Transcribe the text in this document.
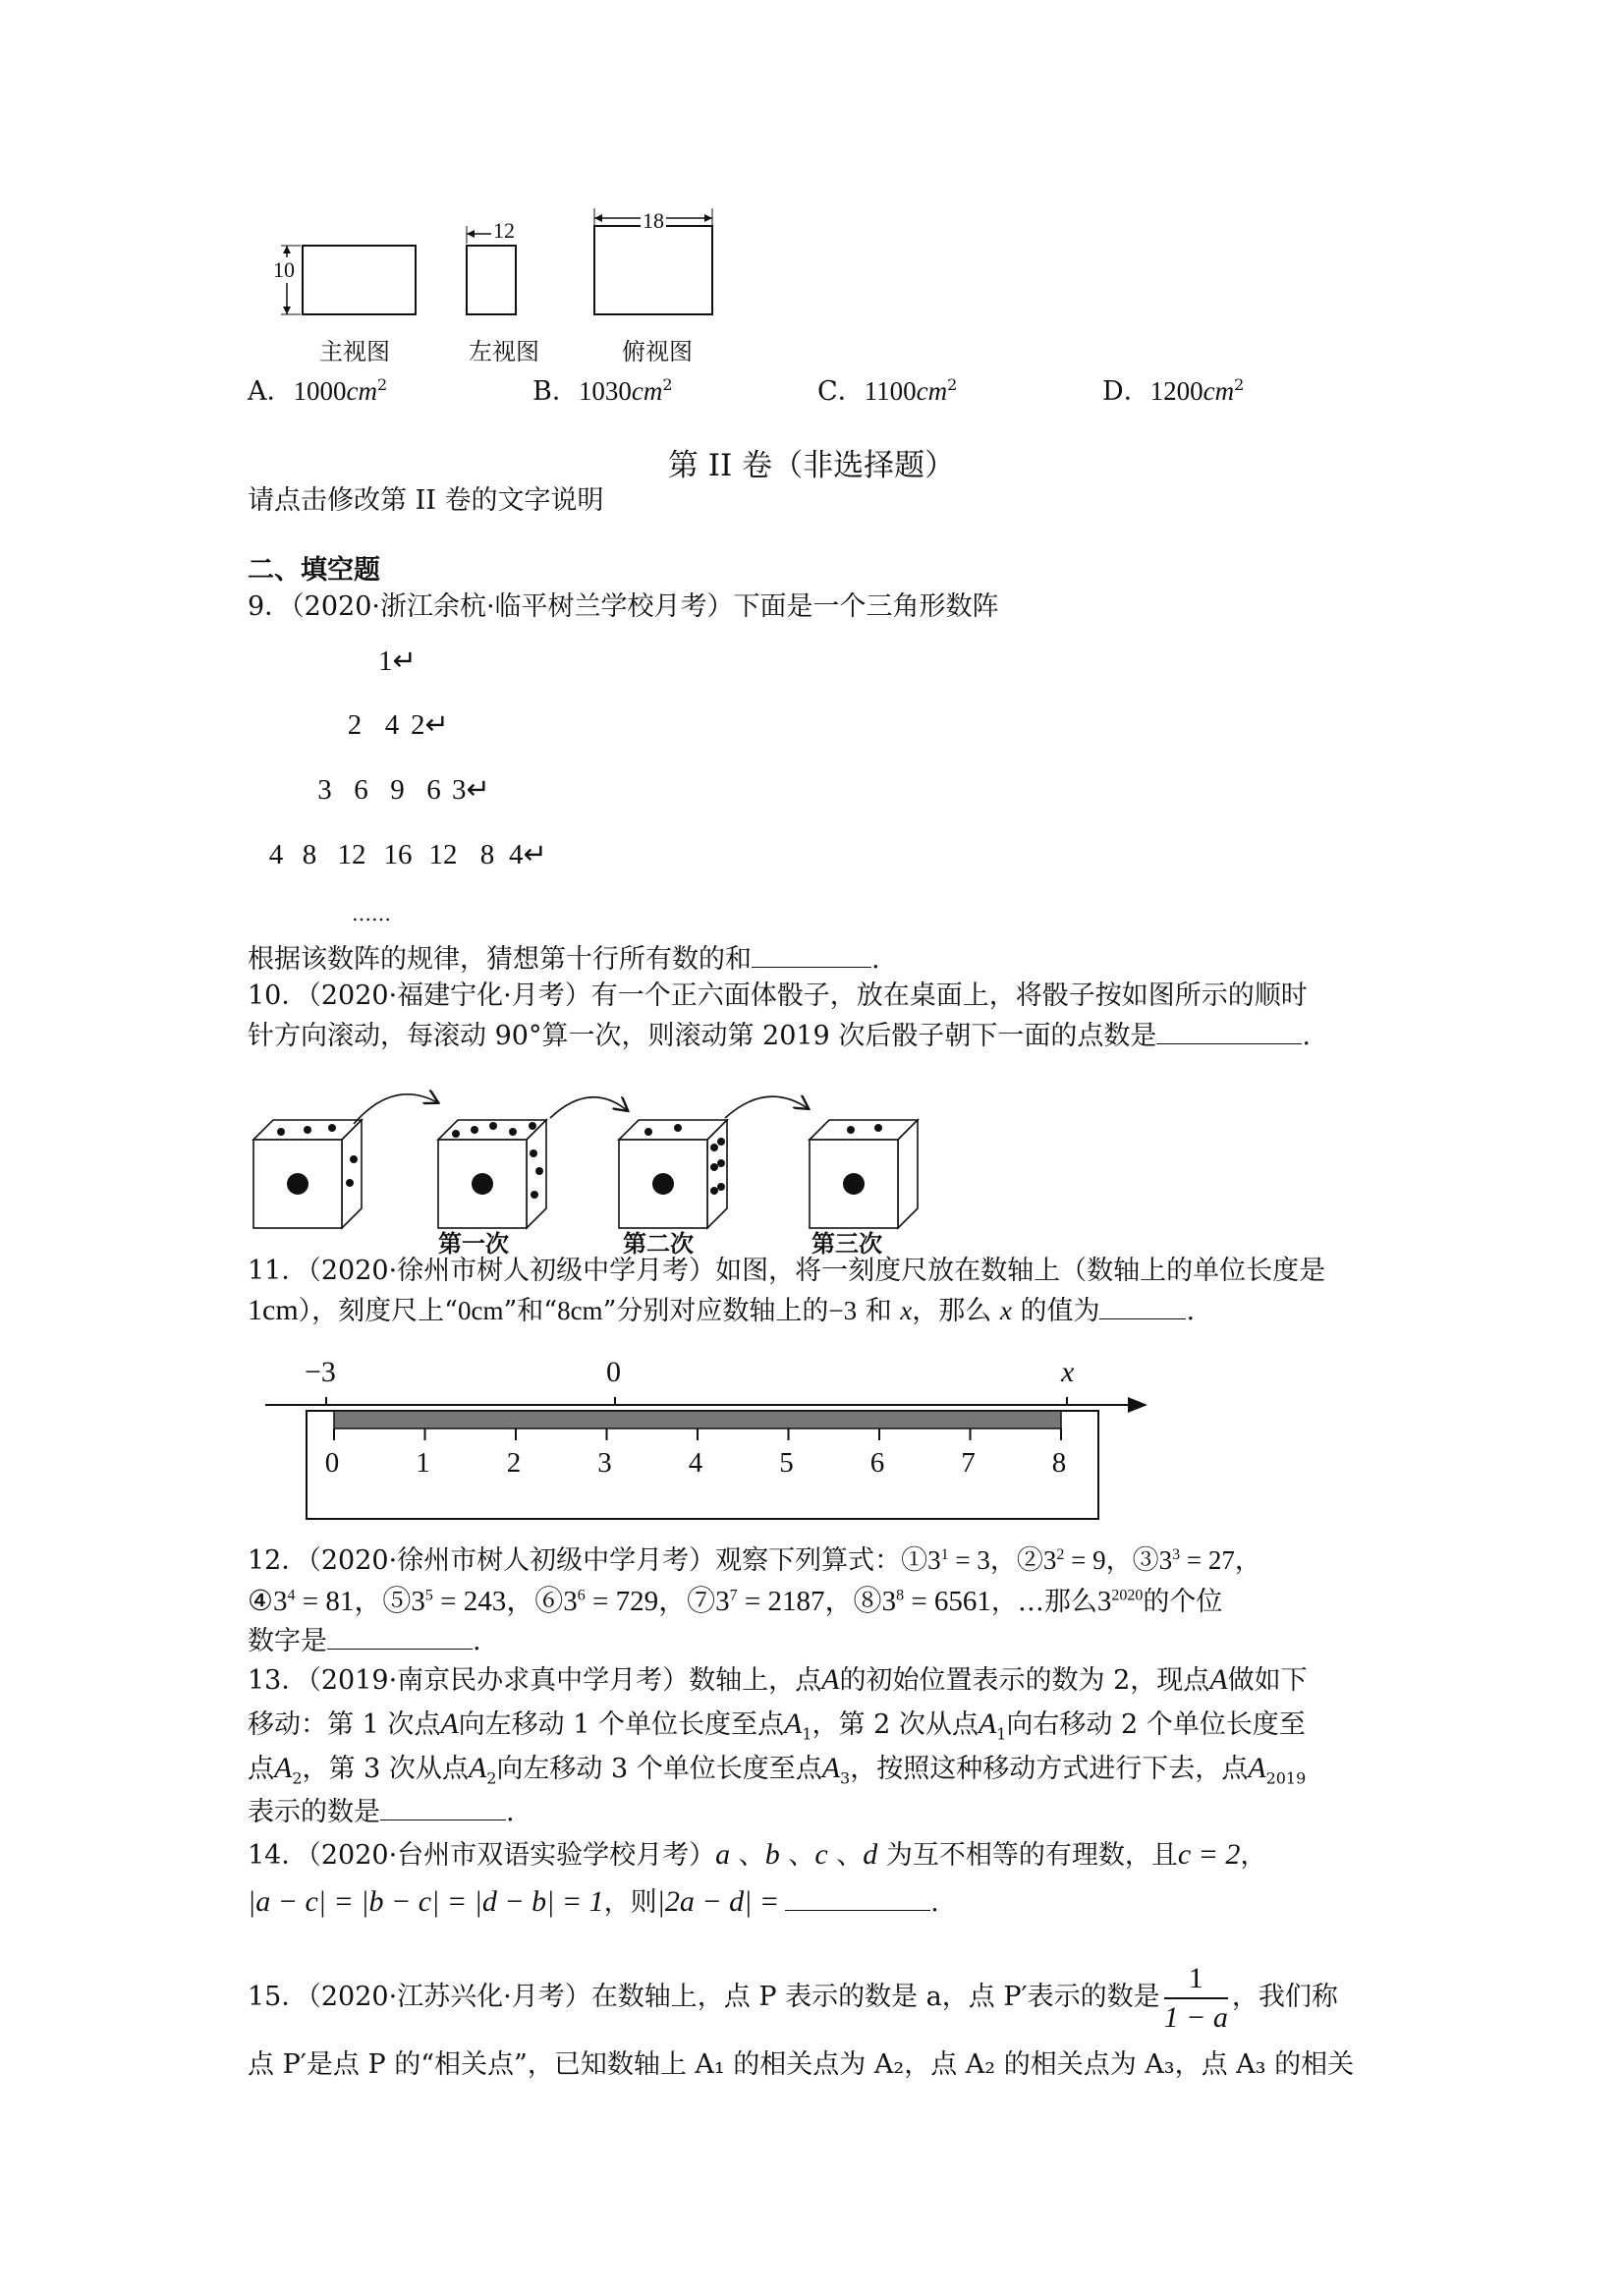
10
12	18
主视图	左视图	俯视图
A．$1000cm^2$	B．$1030cm^2$	C．$1100cm^2$	D．$1200cm^2$
第 II 卷（非选择题）
请点击修改第 II 卷的文字说明
二、填空题
9．（2020·浙江余杭·临平树兰学校月考）下面是一个三角形数阵
1↵
2 4 2↵
3 6 9 6 3↵
4 8 12 16 12 8 4↵
……
根据该数阵的规律，猜想第十行所有数的和	.
10．（2020·福建宁化·月考）有一个正六面体骰子，放在桌面上，将骰子按如图所示的顺时
针方向滚动，每滚动 90°算一次，则滚动第 2019 次后骰子朝下一面的点数是	.
第一次	第二次	第三次
11．（2020·徐州市树人初级中学月考）如图，将一刻度尺放在数轴上（数轴上的单位长度是
1cm），刻度尺上“0cm”和“8cm”分别对应数轴上的−3 和 x，那么 x 的值为	.
0	1	2	3	4	5	6	7	8
−3	0	x
12．（2020·徐州市树人初级中学月考）观察下列算式：$①3^1 = 3$，$②3^2 = 9$，$③3^3 = 27$，
$④3^4 = 81$，$⑤3^5 = 243$，$⑥3^6 = 729$，$⑦3^7 = 2187$，$⑧3^8 = 6561$，…那么$3^{2020}$的个位
数字是	.
13．（2019·南京民办求真中学月考）数轴上，点A的初始位置表示的数为 2，现点A做如下
移动：第 1 次点A向左移动 1 个单位长度至点$A_1$，第 2 次从点$A_1$向右移动 2 个单位长度至
点$A_2$，第 3 次从点$A_2$向左移动 3 个单位长度至点$A_3$，按照这种移动方式进行下去，点$A_{2019}$
表示的数是	.
14．（2020·台州市双语实验学校月考）a 、b 、c 、d 为互不相等的有理数，且c = 2，
|a − c| = |b − c| = |d − b| = 1，则|2a − d| =	.
15．（2020·江苏兴化·月考）在数轴上，点 P 表示的数是 a，点 P′表示的数是 $\frac{1}{1 - a}$ ，我们称
点 P′是点 P 的“相关点”，已知数轴上 A₁ 的相关点为 A₂，点 A₂ 的相关点为 A₃，点 A₃ 的相关
